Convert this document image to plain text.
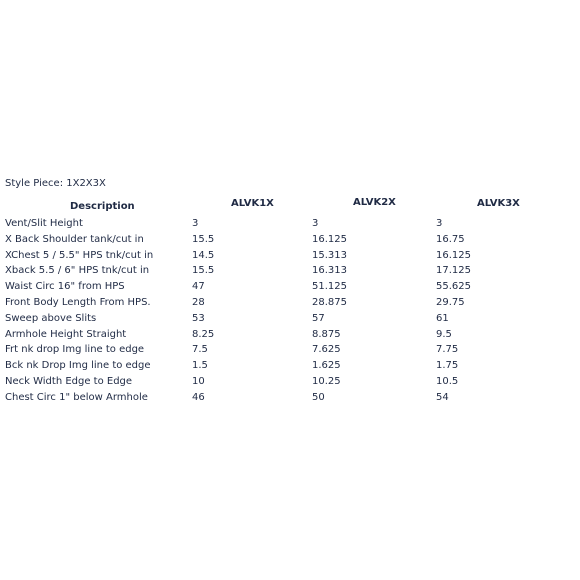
Style Piece: 1X2X3X
Description	ALVK1X	ALVK2X	ALVK3X
Vent/Slit Height	3	3	3
X Back Shoulder tank/cut in	15.5	16.125	16.75
XChest 5 / 5.5" HPS tnk/cut in	14.5	15.313	16.125
Xback 5.5 / 6" HPS tnk/cut in	15.5	16.313	17.125
Waist Circ 16" from HPS	47	51.125	55.625
Front Body Length From HPS.	28	28.875	29.75
Sweep above Slits	53	57	61
Armhole Height Straight	8.25	8.875	9.5
Frt nk drop Img line to edge	7.5	7.625	7.75
Bck nk Drop Img line to edge	1.5	1.625	1.75
Neck Width Edge to Edge	10	10.25	10.5
Chest Circ 1" below Armhole	46	50	54
